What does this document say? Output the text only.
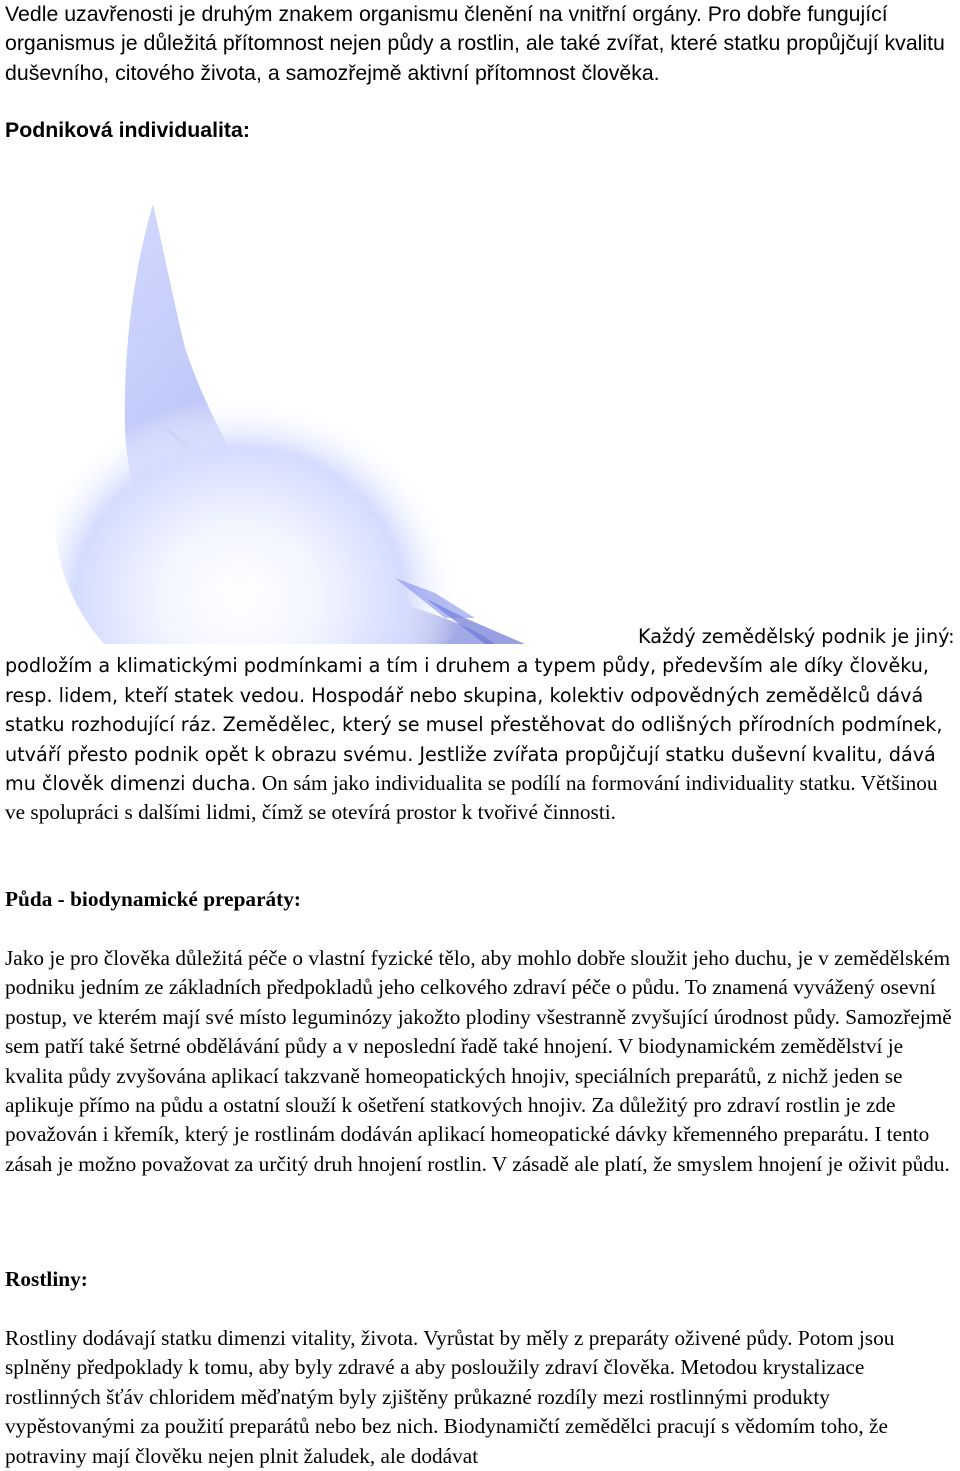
Vedle uzavřenosti je druhým znakem organismu členění na vnitřní orgány. Pro dobře fungující organismus je důležitá přítomnost nejen půdy a rostlin, ale také zvířat, které statku propůjčují kvalitu duševního, citového života, a samozřejmě aktivní přítomnost člověka.

Podniková individualita:

Každý zemědělský podnik je jiný: podložím a klimatickými podmínkami a tím i druhem a typem půdy, především ale díky člověku, resp. lidem, kteří statek vedou. Hospodář nebo skupina, kolektiv odpovědných zemědělců dává statku rozhodující ráz. Zemědělec, který se musel přestěhovat do odlišných přírodních podmínek, utváří přesto podnik opět k obrazu svému. Jestliže zvířata propůjčují statku duševní kvalitu, dává mu člověk dimenzi ducha. On sám jako individualita se podílí na formování individuality statku. Většinou ve spolupráci s dalšími lidmi, čímž se otevírá prostor k tvořivé činnosti.

Půda - biodynamické preparáty:

Jako je pro člověka důležitá péče o vlastní fyzické tělo, aby mohlo dobře sloužit jeho duchu, je v zemědělském podniku jedním ze základních předpokladů jeho celkového zdraví péče o půdu. To znamená vyvážený osevní postup, ve kterém mají své místo leguminózy jakožto plodiny všestranně zvyšující úrodnost půdy. Samozřejmě sem patří také šetrné obdělávání půdy a v neposlední řadě také hnojení. V biodynamickém zemědělství je kvalita půdy zvyšována aplikací takzvaně homeopatických hnojiv, speciálních preparátů, z nichž jeden se aplikuje přímo na půdu a ostatní slouží k ošetření statkových hnojiv. Za důležitý pro zdraví rostlin je zde považován i křemík, který je rostlinám dodáván aplikací homeopatické dávky křemenného preparátu. I tento zásah je možno považovat za určitý druh hnojení rostlin. V zásadě ale platí, že smyslem hnojení je oživit půdu.

Rostliny:

Rostliny dodávají statku dimenzi vitality, života. Vyrůstat by měly z preparáty oživené půdy. Potom jsou splněny předpoklady k tomu, aby byly zdravé a aby posloužily zdraví člověka. Metodou krystalizace rostlinných šťáv chloridem měďnatým byly zjištěny průkazné rozdíly mezi rostlinnými produkty vypěstovanými za použití preparátů nebo bez nich. Biodynamičtí zemědělci pracují s vědomím toho, že potraviny mají člověku nejen plnit žaludek, ale dodávat
